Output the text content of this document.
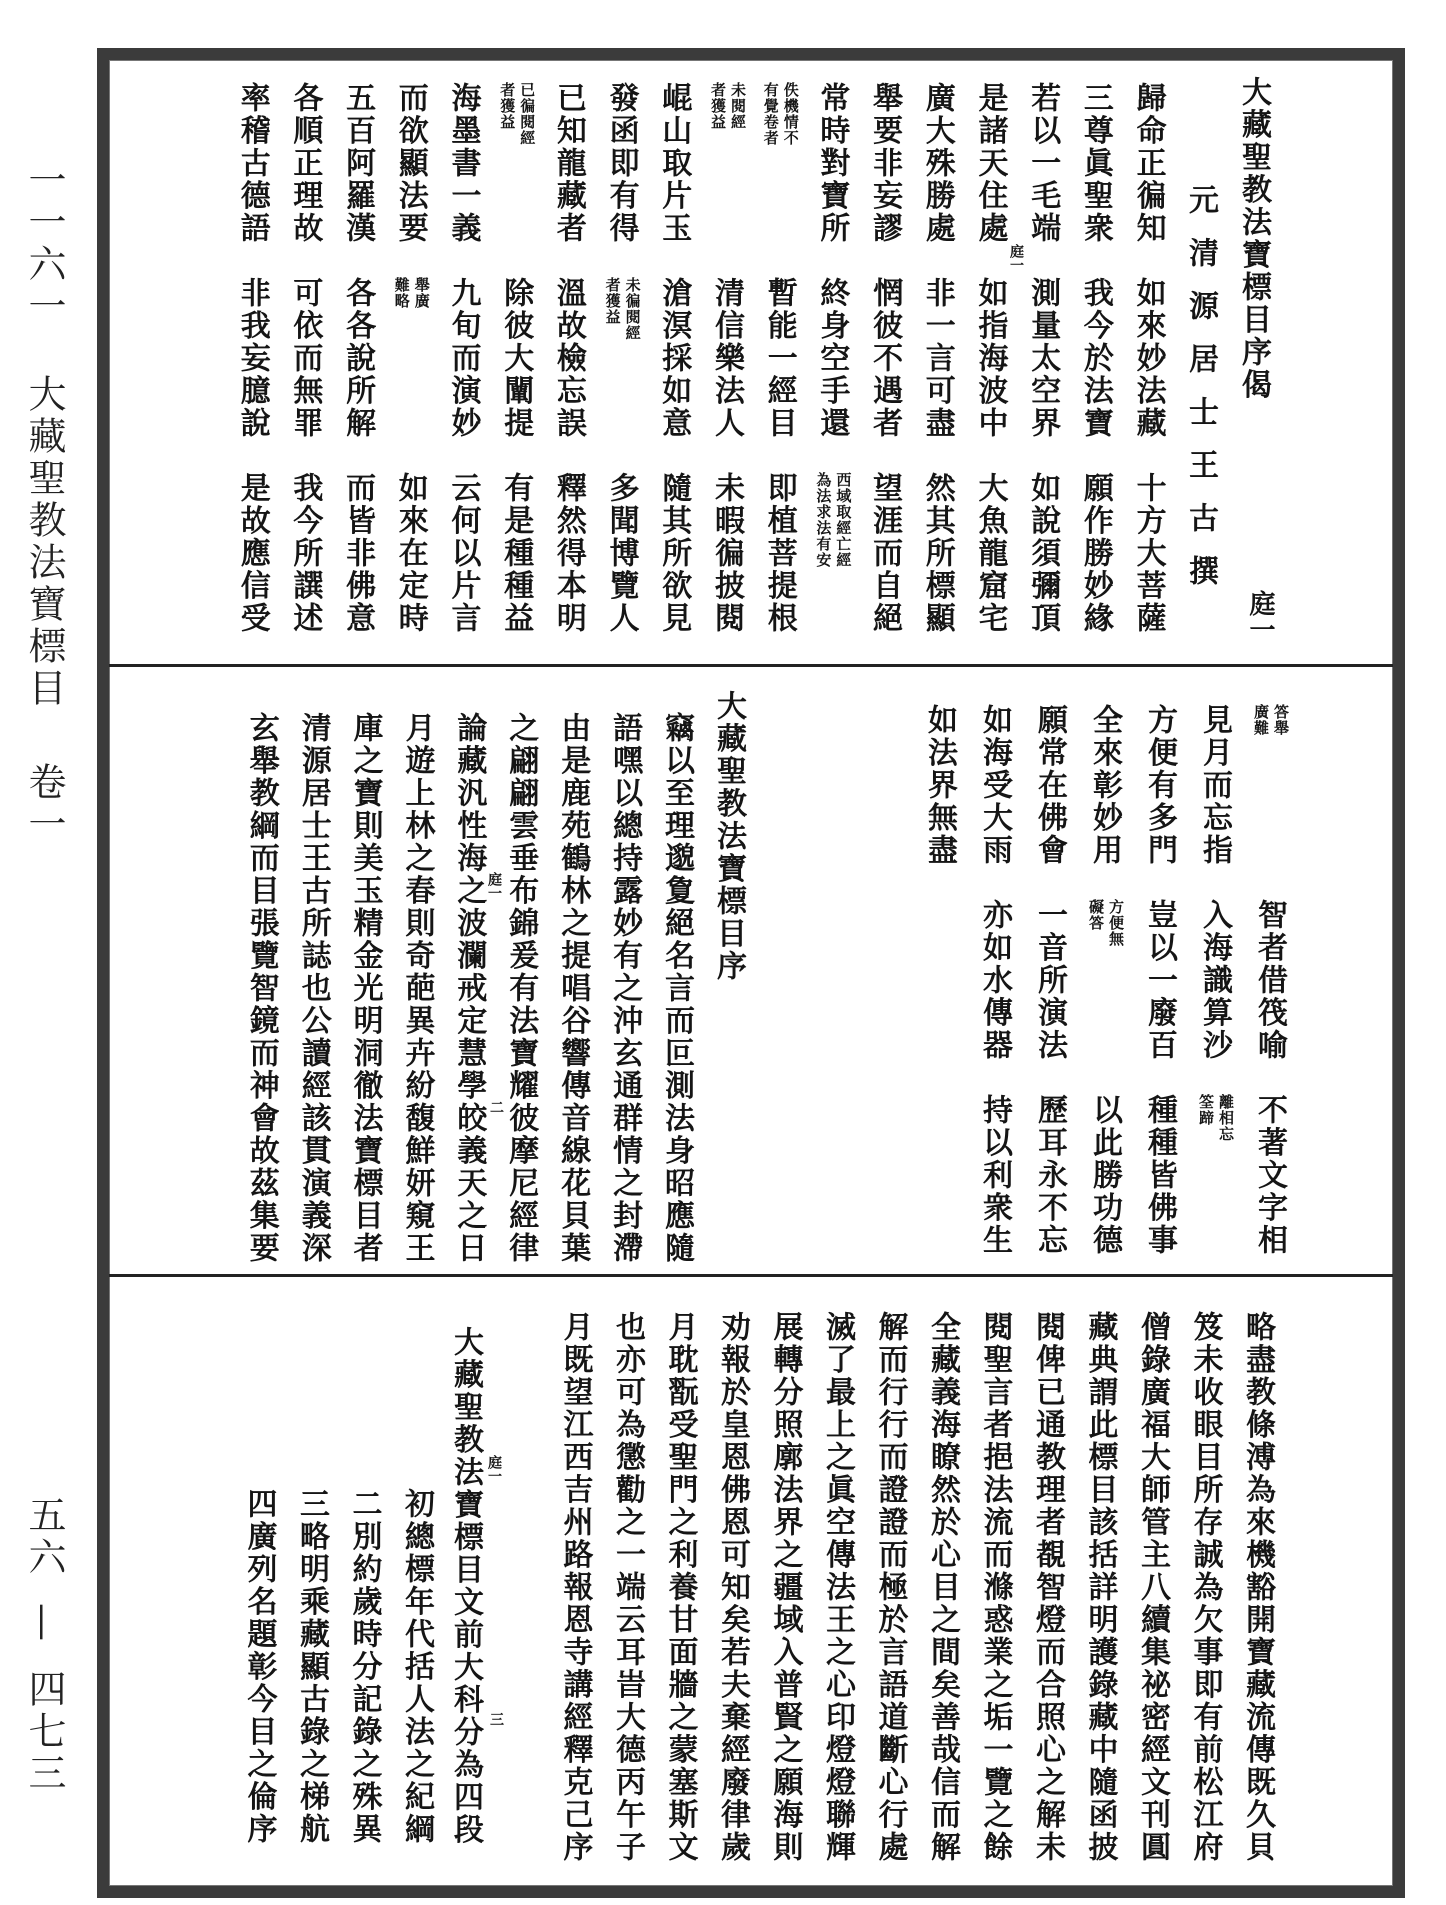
一一六一  大藏聖教法寶標目  卷一
五六 — 四七三
大藏聖教法寶標目序偈
庭一
元清源居士王古撰
庭一
大藏聖教法寶標目序
庭一
二
大藏聖教法寶標目文前大科分為四段 庭一
三
歸命正徧知
如來妙法藏
十方大菩薩
三尊眞聖衆
我今於法寶
願作勝妙緣
若以一毛端
測量太空界
如說須彌頂
是諸天住處
如指海波中
大魚龍窟宅
廣大殊勝處
非一言可盡
然其所標顯
舉要非妄謬
惘彼不遇者
望涯而自絕
常時對寶所
終身空手還
西域取經亡經為法求法有安
佚機情不有覺卷者
暫能一經目
即植菩提根
未閱經者獲益
清信樂法人
未暇徧披閱
崐山取片玉
滄溟採如意
隨其所欲見
發函即有得
未徧閱經者獲益
多聞博覽人
已知龍藏者
溫故檢忘誤
釋然得本明
已徧閱經者獲益
除彼大闡提
有是種種益
海墨書一義
九旬而演妙
云何以片言
而欲顯法要
舉廣難略
如來在定時
五百阿羅漢
各各說所解
而皆非佛意
各順正理故
可依而無罪
我今所譔述
率稽古德語
非我妄臆說
是故應信受
答舉廣難
智者借筏喻
不著文字相
見月而忘指
入海識算沙
離相忘筌蹄
方便有多門
豈以一廢百
種種皆佛事
全來彰妙用
方便無礙答
以此勝功德
願常在佛會
一音所演法
歷耳永不忘
如海受大雨
亦如水傳器
持以利衆生
如法界無盡
竊以至理邈夐絕名言而叵測法身昭應隨
語嘿以總持露妙有之沖玄通群情之封滯
由是鹿苑鶴林之提唱谷響傳音線花貝葉
之翩翩雲垂布錦爰有法寶耀彼摩尼經律
論藏汎性海之波瀾戒定慧學皎義天之日
月遊上林之春則奇葩異卉紛馥鮮妍窺王
庫之寶則美玉精金光明洞徹法寶標目者
清源居士王古所誌也公讀經該貫演義深
玄舉教綱而目張覽智鏡而神會故茲集要
略盡教條溥為來機豁開寶藏流傳既久貝
笈未收眼目所存誠為欠事即有前松江府
僧錄廣福大師管主八續集祕密經文刊圓
藏典謂此標目該括詳明護錄藏中隨函披
閱俾已通教理者覩智燈而合照心之解未
閱聖言者挹法流而滌惑業之垢一覽之餘
全藏義海瞭然於心目之間矣善哉信而解
解而行行而證證而極於言語道斷心行處
滅了最上之眞空傳法王之心印燈燈聯輝
展轉分照廓法界之疆域入普賢之願海則
劝報於皇恩佛恩可知矣若夫棄經廢律歲
月耽翫受聖門之利養甘面牆之蒙塞斯文
也亦可為懲勸之一端云耳旹大德丙午子
月既望江西吉州路報恩寺講經釋克己序
初總標年代括人法之紀綱
二別約歲時分記錄之殊異
三略明乘藏顯古錄之梯航
四廣列名題彰今目之倫序
